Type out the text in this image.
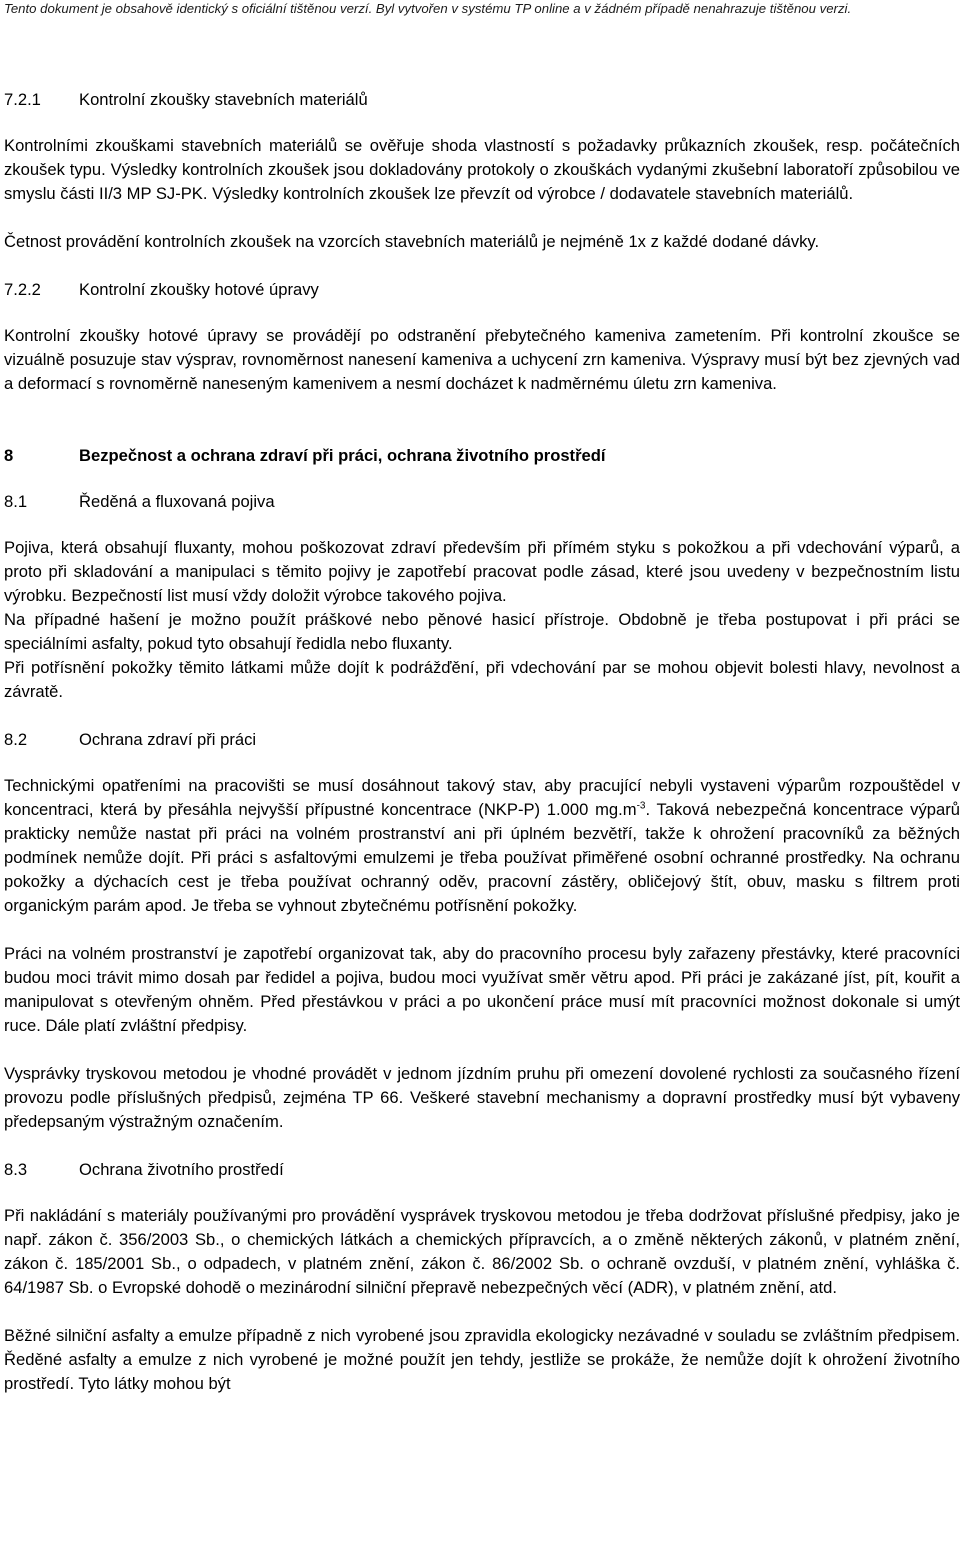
Tento dokument je obsahově identický s oficiální tištěnou verzí. Byl vytvořen v systému TP online a v žádném případě nenahrazuje tištěnou verzi.
7.2.1	Kontrolní zkoušky stavebních materiálů

Kontrolními zkouškami stavebních materiálů se ověřuje shoda vlastností s požadavky průkazních zkoušek, resp. počátečních zkoušek typu. Výsledky kontrolních zkoušek jsou dokladovány protokoly o zkouškách vydanými zkušební laboratoří způsobilou ve smyslu části II/3 MP SJ-PK. Výsledky kontrolních zkoušek lze převzít od výrobce / dodavatele stavebních materiálů.

Četnost provádění kontrolních zkoušek na vzorcích stavebních materiálů je nejméně 1x z každé dodané dávky.

7.2.2	Kontrolní zkoušky hotové úpravy

Kontrolní zkoušky hotové úpravy se provádějí po odstranění přebytečného kameniva zametením. Při kontrolní zkoušce se vizuálně posuzuje stav výsprav, rovnoměrnost nanesení kameniva a uchycení zrn kameniva. Výspravy musí být bez zjevných vad a deformací s rovnoměrně naneseným kamenivem a nesmí docházet k nadměrnému úletu zrn kameniva.

8	Bezpečnost a ochrana zdraví při práci, ochrana životního prostředí
8.1	Ředěná a fluxovaná pojiva

Pojiva, která obsahují fluxanty, mohou poškozovat zdraví především při přímém styku s pokožkou a při vdechování výparů, a proto při skladování a manipulaci s těmito pojivy je zapotřebí pracovat podle zásad, které jsou uvedeny v bezpečnostním listu výrobku. Bezpečností list musí vždy doložit výrobce takového pojiva.

Na případné hašení je možno použít práškové nebo pěnové hasicí přístroje. Obdobně je třeba postupovat i při práci se speciálními asfalty, pokud tyto obsahují ředidla nebo fluxanty.

Při potřísnění pokožky těmito látkami může dojít k podrážďění, při vdechování par se mohou objevit bolesti hlavy, nevolnost a závratě.

8.2	Ochrana zdraví při práci

Technickými opatřeními na pracovišti se musí dosáhnout takový stav, aby pracující nebyli vystaveni výparům rozpouštědel v koncentraci, která by přesáhla nejvyšší přípustné koncentrace (NKP-P) 1.000 $mg.m^{-3}$. Taková nebezpečná koncentrace výparů prakticky nemůže nastat při práci na volném prostranství ani při úplném bezvětří, takže k ohrožení pracovníků za běžných podmínek nemůže dojít. Při práci s asfaltovými emulzemi je třeba používat přiměřené osobní ochranné prostředky. Na ochranu pokožky a dýchacích cest je třeba používat ochranný oděv, pracovní zástěry, obličejový štít, obuv, masku s filtrem proti organickým parám apod. Je třeba se vyhnout zbytečnému potřísnění pokožky.

Práci na volném prostranství je zapotřebí organizovat tak, aby do pracovního procesu byly zařazeny přestávky, které pracovníci budou moci trávit mimo dosah par ředidel a pojiva, budou moci využívat směr větru apod. Při práci je zakázané jíst, pít, kouřit a manipulovat s otevřeným ohněm. Před přestávkou v práci a po ukončení práce musí mít pracovníci možnost dokonale si umýt ruce. Dále platí zvláštní předpisy.

Vysprávky tryskovou metodou je vhodné provádět v jednom jízdním pruhu při omezení dovolené rychlosti za současného řízení provozu podle příslušných předpisů, zejména TP 66. Veškeré stavební mechanismy a dopravní prostředky musí být vybaveny předepsaným výstražným označením.

8.3	Ochrana životního prostředí

Při nakládání s materiály používanými pro provádění vysprávek tryskovou metodou je třeba dodržovat příslušné předpisy, jako je např. zákon č. 356/2003 Sb., o chemických látkách a chemických přípravcích, a o změně některých zákonů, v platném znění, zákon č. 185/2001 Sb., o odpadech, v platném znění, zákon č. 86/2002 Sb. o ochraně ovzduší, v platném znění, vyhláška č. 64/1987 Sb. o Evropské dohodě o mezinárodní silniční přepravě nebezpečných věcí (ADR), v platném znění, atd.

Běžné silniční asfalty a emulze případně z nich vyrobené jsou zpravidla ekologicky nezávadné v souladu se zvláštním předpisem. Ředěné asfalty a emulze z nich vyrobené je možné použít jen tehdy, jestliže se prokáže, že nemůže dojít k ohrožení životního prostředí. Tyto látky mohou být
